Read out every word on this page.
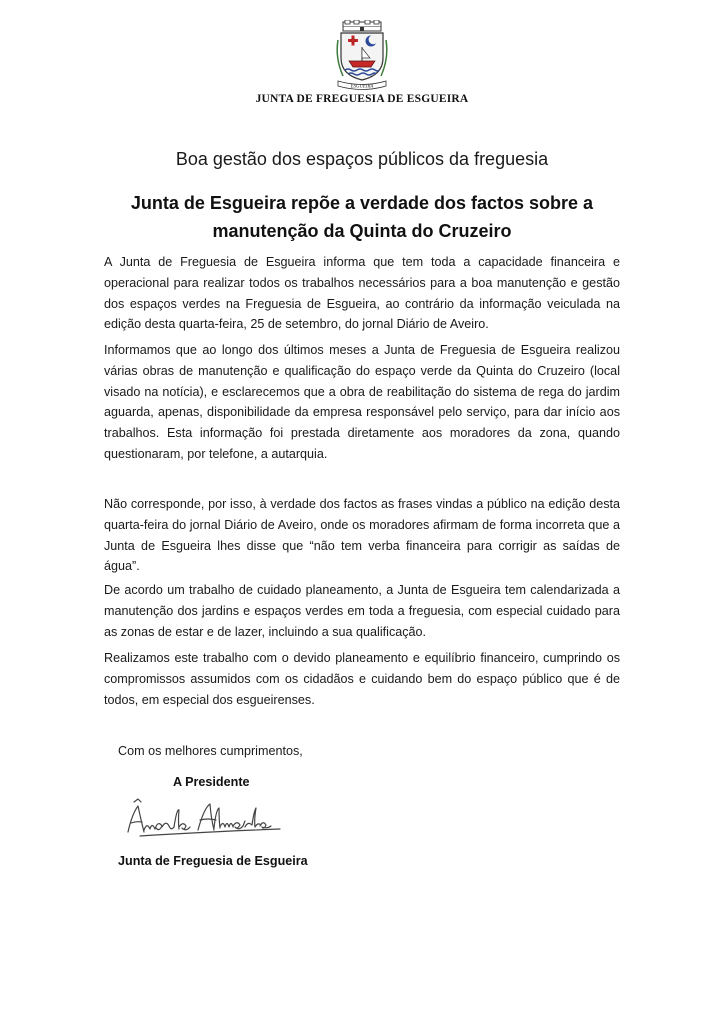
ESGUEIRA
JUNTA DE FREGUESIA DE ESGUEIRA
Boa gestão dos espaços públicos da freguesia
Junta de Esgueira repõe a verdade dos factos sobre a manutenção da Quinta do Cruzeiro

A Junta de Freguesia de Esgueira informa que tem toda a capacidade financeira e operacional para realizar todos os trabalhos necessários para a boa manutenção e gestão dos espaços verdes na Freguesia de Esgueira, ao contrário da informação veiculada na edição desta quarta-feira, 25 de setembro, do jornal Diário de Aveiro.

Informamos que ao longo dos últimos meses a Junta de Freguesia de Esgueira realizou várias obras de manutenção e qualificação do espaço verde da Quinta do Cruzeiro (local visado na notícia), e esclarecemos que a obra de reabilitação do sistema de rega do jardim aguarda, apenas, disponibilidade da empresa responsável pelo serviço, para dar início aos trabalhos. Esta informação foi prestada diretamente aos moradores da zona, quando questionaram, por telefone, a autarquia.

Não corresponde, por isso, à verdade dos factos as frases vindas a público na edição desta quarta-feira do jornal Diário de Aveiro, onde os moradores afirmam de forma incorreta que a Junta de Esgueira lhes disse que “não tem verba financeira para corrigir as saídas de água”.

De acordo um trabalho de cuidado planeamento, a Junta de Esgueira tem calendarizada a manutenção dos jardins e espaços verdes em toda a freguesia, com especial cuidado para as zonas de estar e de lazer, incluindo a sua qualificação.

Realizamos este trabalho com o devido planeamento e equilíbrio financeiro, cumprindo os compromissos assumidos com os cidadãos e cuidando bem do espaço público que é de todos, em especial dos esgueirenses.

Com os melhores cumprimentos,
A Presidente
Junta de Freguesia de Esgueira
